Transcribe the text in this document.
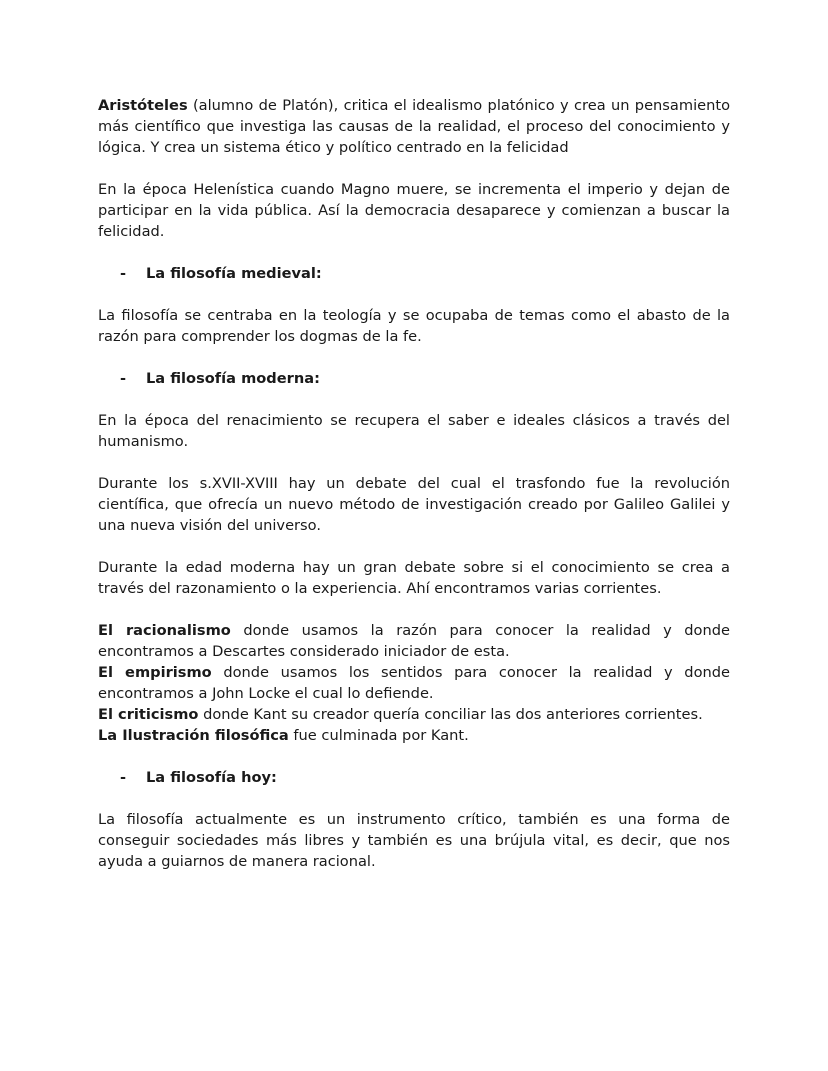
Aristóteles (alumno de Platón), critica el idealismo platónico y crea un pensamiento más científico que investiga las causas de la realidad, el proceso del conocimiento y lógica. Y crea un sistema ético y político centrado en la felicidad

En la época Helenística cuando Magno muere, se incrementa el imperio y dejan de participar en la vida pública. Así la democracia desaparece y comienzan a buscar la felicidad.

- La filosofía medieval:

La filosofía se centraba en la teología y se ocupaba de temas como el abasto de la razón para comprender los dogmas de la fe.

- La filosofía moderna:

En la época del renacimiento se recupera el saber e ideales clásicos a través del humanismo.

Durante los s.XVII-XVIII hay un debate del cual el trasfondo fue la revolución científica, que ofrecía un nuevo método de investigación creado por Galileo Galilei y una nueva visión del universo.

Durante la edad moderna hay un gran debate sobre si el conocimiento se crea a través del razonamiento o la experiencia. Ahí encontramos varias corrientes.

El racionalismo donde usamos la razón para conocer la realidad y donde encontramos a Descartes considerado iniciador de esta.

El empirismo donde usamos los sentidos para conocer la realidad y donde encontramos a John Locke el cual lo defiende.

El criticismo donde Kant su creador quería conciliar las dos anteriores corrientes.

La Ilustración filosófica fue culminada por Kant.

- La filosofía hoy:

La filosofía actualmente es un instrumento crítico, también es una forma de conseguir sociedades más libres y también es una brújula vital, es decir, que nos ayuda a guiarnos de manera racional.
